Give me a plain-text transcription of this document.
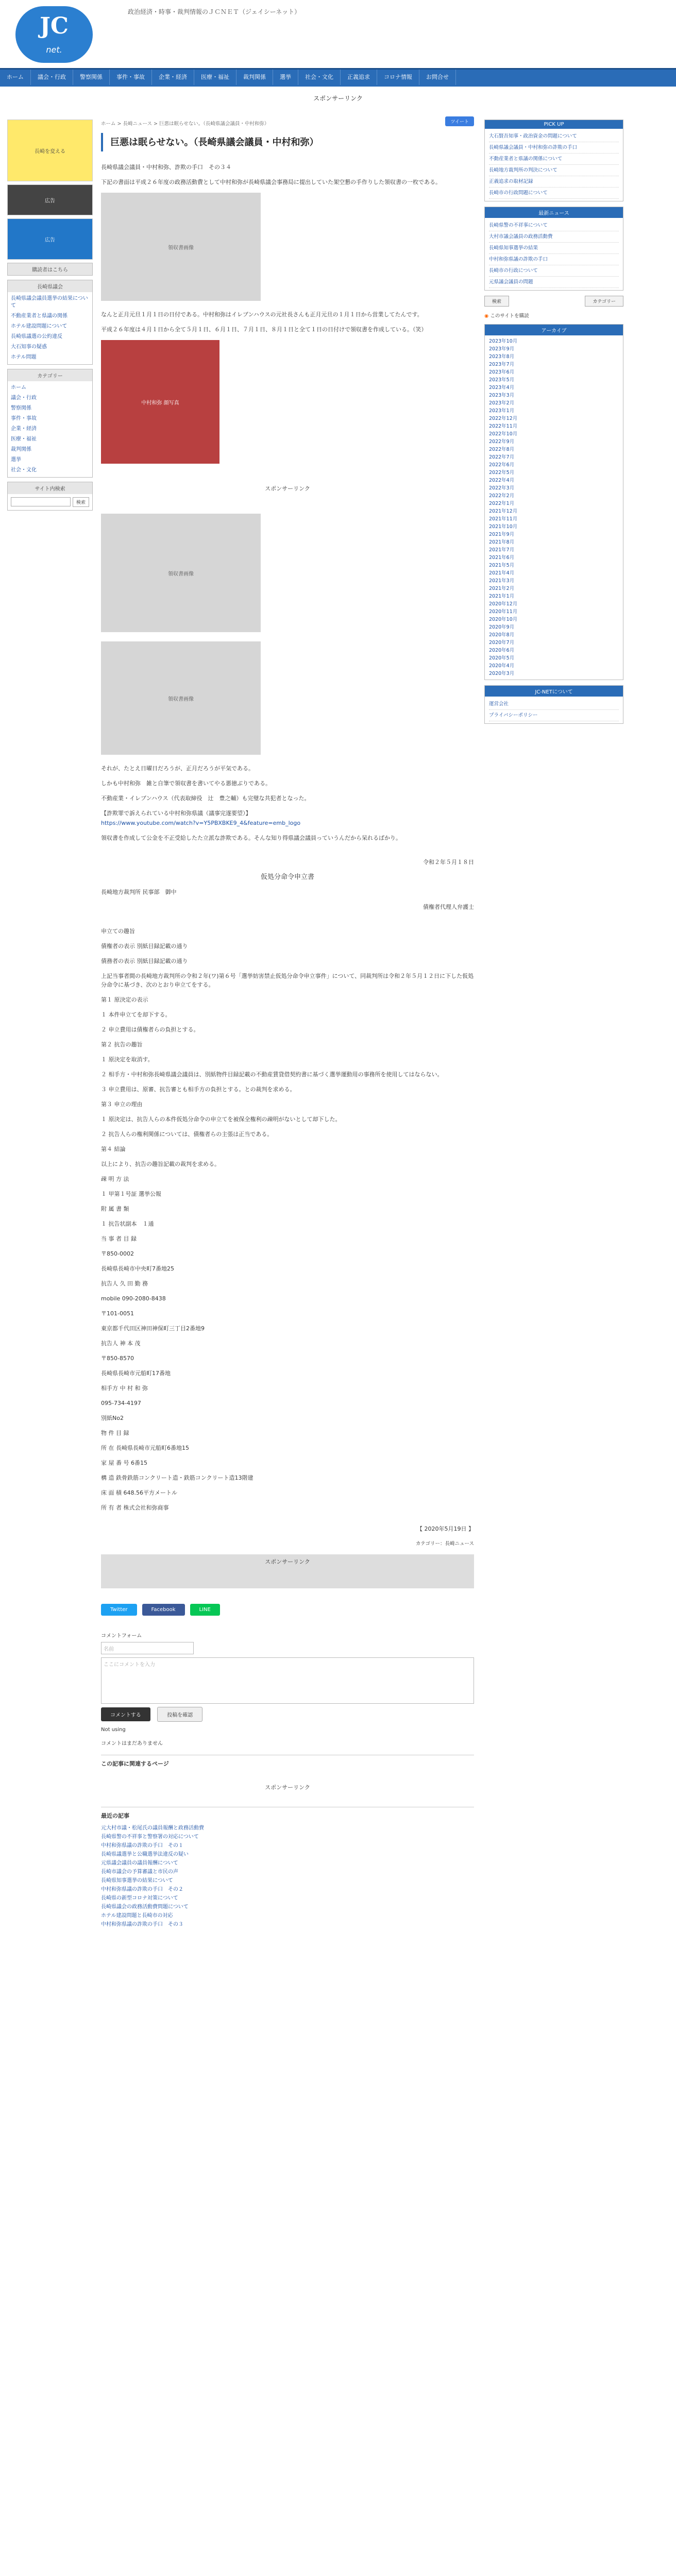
JC
net.
政治経済・時事・裁判情報のＪＣＮＥＴ（ジェイシーネット）
ホーム 議会・行政 警察関係 事件・事故 企業・経済 医療・福祉 裁判関係 選挙 社会・文化 正義追求 コロナ情報 お問合せ
スポンサーリンク
長崎を変える
広告
広告
購読者はこちら
長崎県議会
長崎県議会議員選挙の結果について
不動産業者と県議の関係
ホテル建設問題について
長崎県議選の公約違反
大石知事の疑惑
ホテル問題
カテゴリー
ホーム
議会・行政
警察関係
事件・事故
企業・経済
医療・福祉
裁判関係
選挙
社会・文化
サイト内検索
検索
ホーム > 長崎ニュース > 巨悪は眠らせない。（長崎県議会議員・中村和弥）	ツイート
巨悪は眠らせない。（長崎県議会議員・中村和弥）

長崎県議会議員・中村和弥、詐欺の手口　その３４

下記の書面は平成２６年度の政務活動費として中村和弥が長崎県議会事務局に提出していた架空懇の手作りした領収書の一枚である。

領収書画像

なんと正月元旦１月１日の日付である。中村和弥はイレブンハウスの元社長さんも正月元旦の１月１日から営業してたんです。

平成２６年度は４月１日から全て５月１日、６月１日、７月１日、８月１日と全て１日の日付けで領収書を作成している。（笑）

中村和弥 顔写真

スポンサーリンク

領収書画像
領収書画像

それが、たとえ日曜日だろうが、正月だろうが平気である。

しかも中村和弥　雑と自筆で領収書を書いてやる悪徳ぶりである。

不動産業・イレブンハウス（代表取締役　辻　豊之輔）も完璧な共犯者となった。

【詐欺罪で訴えられている中村和弥県議（議事完遂要望）】

https://www.youtube.com/watch?v=Y5PBXBKE9_4&feature=emb_logo

領収書を作成して公金を不正受給したた立派な詐欺である。そんな知り得県議会議員っていうんだから呆れるばかり。

令和２年５月１８日

仮処分命令申立書

長崎地方裁判所 民事部　御中

債権者代理人弁護士

申立ての趣旨

債権者の表示 別紙目録記載の通り

債務者の表示 別紙目録記載の通り

上記当事者間の長崎地方裁判所の令和２年(ワ)第６号「選挙妨害禁止仮処分命令申立事件」について、同裁判所は令和２年５月１２日に下した仮処分命令に基づき、次のとおり申立てをする。

第１ 原決定の表示

１ 本件申立てを却下する。

２ 申立費用は債権者らの負担とする。

第２ 抗告の趣旨

１ 原決定を取消す。

２ 相手方・中村和弥長崎県議会議員は、別紙物件目録記載の不動産賃貸借契約書に基づく選挙運動用の事務所を使用してはならない。

３ 申立費用は、原審、抗告審とも相手方の負担とする。との裁判を求める。

第３ 申立の理由

１ 原決定は、抗告人らの本件仮処分命令の申立てを被保全権利の疎明がないとして却下した。

２ 抗告人らの権利関係については、債権者らの主張は正当である。

第４ 結論

以上により、抗告の趣旨記載の裁判を求める。

疎 明 方 法

１ 甲第１号証 選挙公報

附 属 書 類

１ 抗告状副本　１通

当 事 者 目 録

〒850-0002

長崎県長崎市中央町7番地25

抗告人 久 田 勤 務

mobile 090-2080-8438

〒101-0051

東京都千代田区神田神保町三丁目2番地9

抗告人 神 本 茂

〒850-8570

長崎県長崎市元船町17番地

相手方 中 村 和 弥

095-734-4197

別紙No2

物 件 目 録

所 在 長崎県長崎市元船町6番地15

家 屋 番 号 6番15

構 造 鉄骨鉄筋コンクリート造・鉄筋コンクリート造13階建

床 面 積 648.56平方メートル

所 有 者 株式会社和弥商事

【 2020年5月19日 】

カテゴリー：長崎ニュース

スポンサーリンク
Twitter	Facebook	LINE
コメントフォーム
名前
ここにコメントを入力
コメントする	投稿を確認

Not using

コメントはまだありません

この記事に関連するページ

スポンサーリンク

最近の記事
元大村市議・松尾氏の議員報酬と政務活動費
長崎県警の不祥事と警察署の対応について
中村和弥県議の詐欺の手口　その１
長崎県議選挙と公職選挙法違反の疑い
元県議会議員の議員報酬について
長崎市議会の予算審議と市民の声
長崎県知事選挙の結果について
中村和弥県議の詐欺の手口　その２
長崎県の新型コロナ対策について
長崎県議会の政務活動費問題について
ホテル建設問題と長崎市の対応
中村和弥県議の詐欺の手口　その３
PICK UP
大石賢吾知事・政治資金の問題について
長崎県議会議員・中村和弥の詐欺の手口
不動産業者と県議の関係について
長崎地方裁判所の判決について
正義追求の取材記録
長崎市の行政問題について
最新ニュース
長崎県警の不祥事について
大村市議会議員の政務活動費
長崎県知事選挙の結果
中村和弥県議の詐欺の手口
長崎市の行政について
元県議会議員の問題
検索	カテゴリー

◉ このサイトを購読

アーカイブ
2023年10月
2023年9月
2023年8月
2023年7月
2023年6月
2023年5月
2023年4月
2023年3月
2023年2月
2023年1月
2022年12月
2022年11月
2022年10月
2022年9月
2022年8月
2022年7月
2022年6月
2022年5月
2022年4月
2022年3月
2022年2月
2022年1月
2021年12月
2021年11月
2021年10月
2021年9月
2021年8月
2021年7月
2021年6月
2021年5月
2021年4月
2021年3月
2021年2月
2021年1月
2020年12月
2020年11月
2020年10月
2020年9月
2020年8月
2020年7月
2020年6月
2020年5月
2020年4月
2020年3月
JC-NETについて
運営会社
プライバシーポリシー
